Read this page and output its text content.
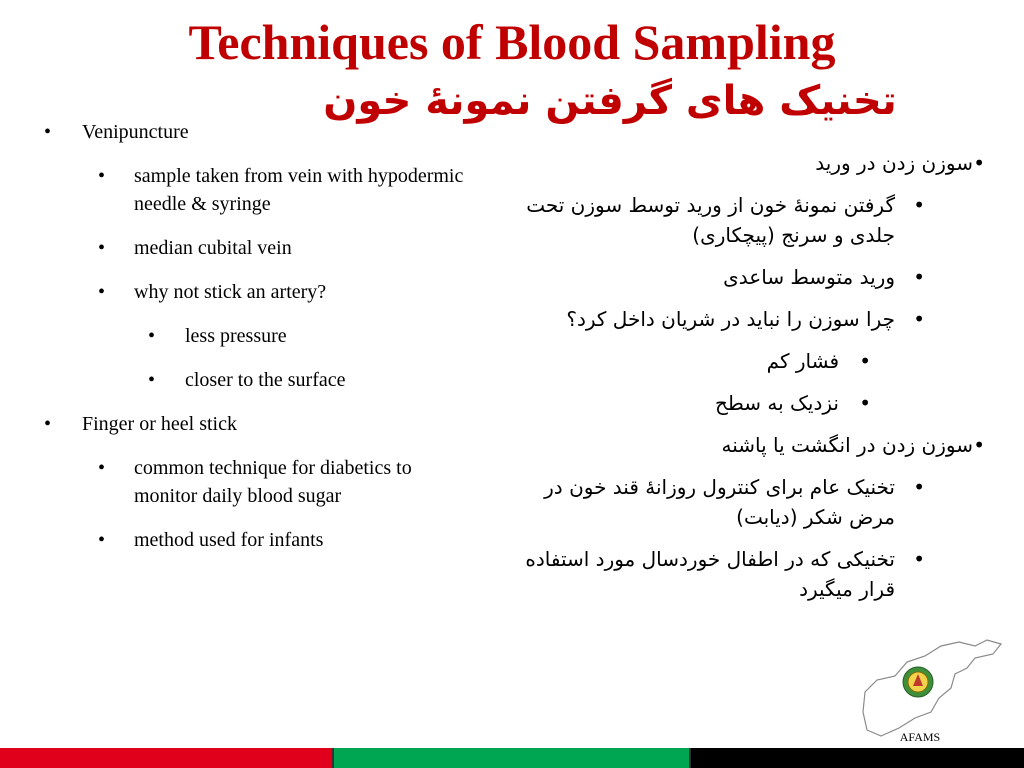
Techniques of Blood Sampling
تخنیک های گرفتن نمونهٔ خون
• Venipuncture
• sample taken from vein with hypodermic needle & syringe
• median cubital vein
• why not stick an artery?
• less pressure
• closer to the surface
• Finger or heel stick
• common technique for diabetics to monitor daily blood sugar
• method used for infants
•
سوزن زدن در ورید
•
گرفتن نمونهٔ خون از ورید توسط سوزن تحت جلدی و سرنج (پیچکاری)
•
ورید متوسط ساعدی
•
چرا سوزن را نباید در شریان داخل کرد؟
•
فشار کم
•
نزدیک به سطح
•
سوزن زدن در انگشت یا پاشنه
•
تخنیک عام برای کنترول روزانهٔ قند خون در مرض شکر (دیابت)
•
تخنیکی که در اطفال خوردسال مورد استفاده قرار میگیرد
AFAMS
